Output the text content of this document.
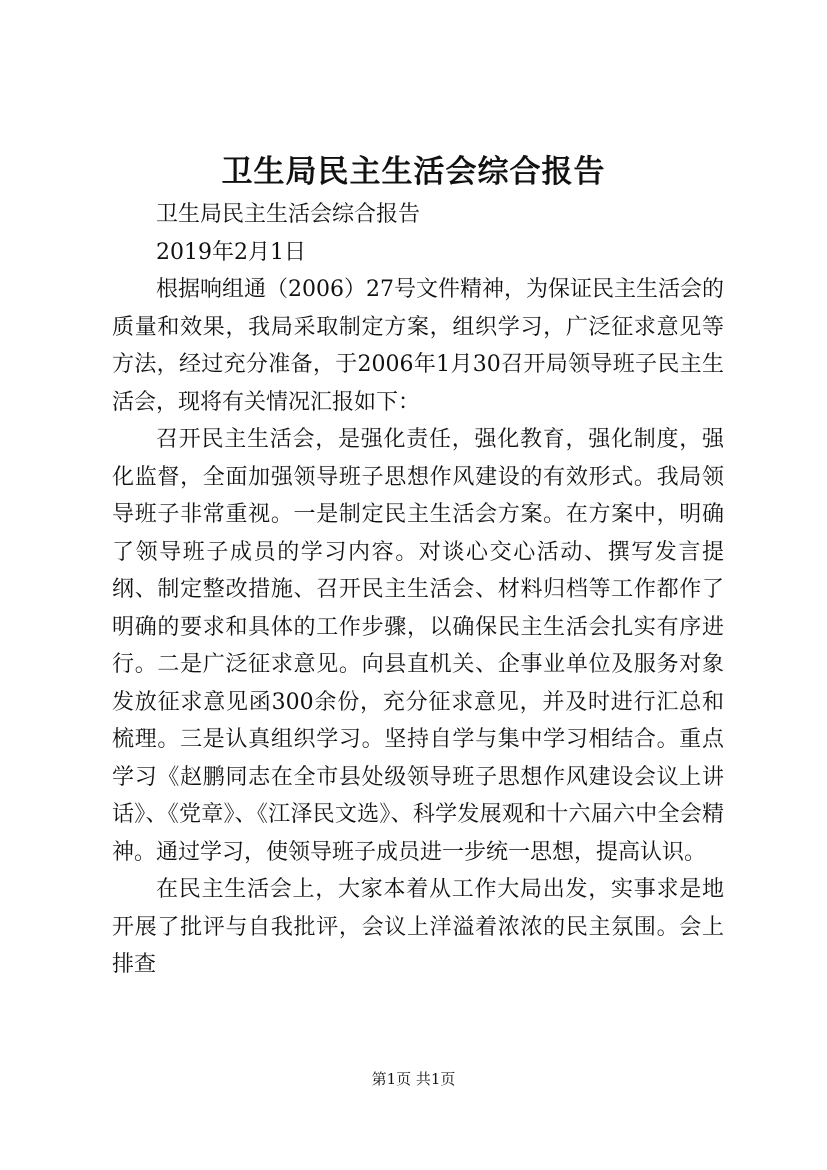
卫生局民主生活会综合报告

卫生局民主生活会综合报告

2019年2月1日

根据响组通（2006）27号文件精神，为保证民主生活会的质量和效果，我局采取制定方案，组织学习，广泛征求意见等方法，经过充分准备，于2006年1月30召开局领导班子民主生活会，现将有关情况汇报如下：

召开民主生活会，是强化责任，强化教育，强化制度，强化监督，全面加强领导班子思想作风建设的有效形式。我局领导班子非常重视。一是制定民主生活会方案。在方案中，明确了领导班子成员的学习内容。对谈心交心活动、撰写发言提纲、制定整改措施、召开民主生活会、材料归档等工作都作了明确的要求和具体的工作步骤，以确保民主生活会扎实有序进行。二是广泛征求意见。向县直机关、企事业单位及服务对象发放征求意见函300余份，充分征求意见，并及时进行汇总和梳理。三是认真组织学习。坚持自学与集中学习相结合。重点学习《赵鹏同志在全市县处级领导班子思想作风建设会议上讲话》、《党章》、《江泽民文选》、科学发展观和十六届六中全会精神。通过学习，使领导班子成员进一步统一思想，提高认识。

在民主生活会上，大家本着从工作大局出发，实事求是地开展了批评与自我批评，会议上洋溢着浓浓的民主氛围。会上排查

第1页 共1页
